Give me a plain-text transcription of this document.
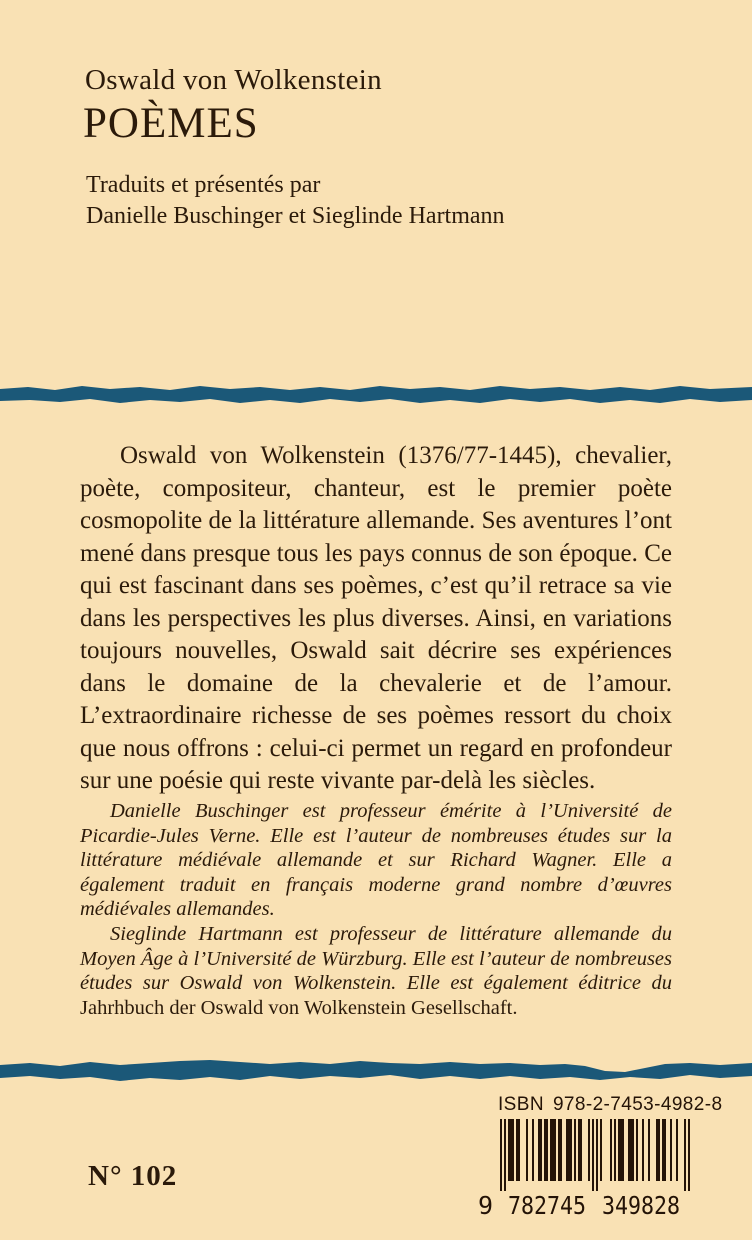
Oswald von Wolkenstein
POÈMES
Traduits et présentés par
Danielle Buschinger et Sieglinde Hartmann

Oswald von Wolkenstein (1376/77-1445), chevalier, poète, compositeur, chanteur, est le premier poète cosmopolite de la littérature allemande. Ses aventures l’ont mené dans presque tous les pays connus de son époque. Ce qui est fascinant dans ses poèmes, c’est qu’il retrace sa vie dans les perspectives les plus diverses. Ainsi, en variations toujours nouvelles, Oswald sait décrire ses expériences dans le domaine de la chevalerie et de l’amour. L’extraordinaire richesse de ses poèmes ressort du choix que nous offrons : celui-ci permet un regard en profondeur sur une poésie qui reste vivante par-delà les siècles.

Danielle Buschinger est professeur émérite à l’Université de Picardie-Jules Verne. Elle est l’auteur de nombreuses études sur la littérature médiévale allemande et sur Richard Wagner. Elle a également traduit en français moderne grand nombre d’œuvres médiévales allemandes.

Sieglinde Hartmann est professeur de littérature allemande du Moyen Âge à l’Université de Würzburg. Elle est l’auteur de nombreuses études sur Oswald von Wolkenstein. Elle est également éditrice du Jahrhbuch der Oswald von Wolkenstein Gesellschaft.

N° 102
ISBN 978-2-7453-4982-8
9 782745 349828
